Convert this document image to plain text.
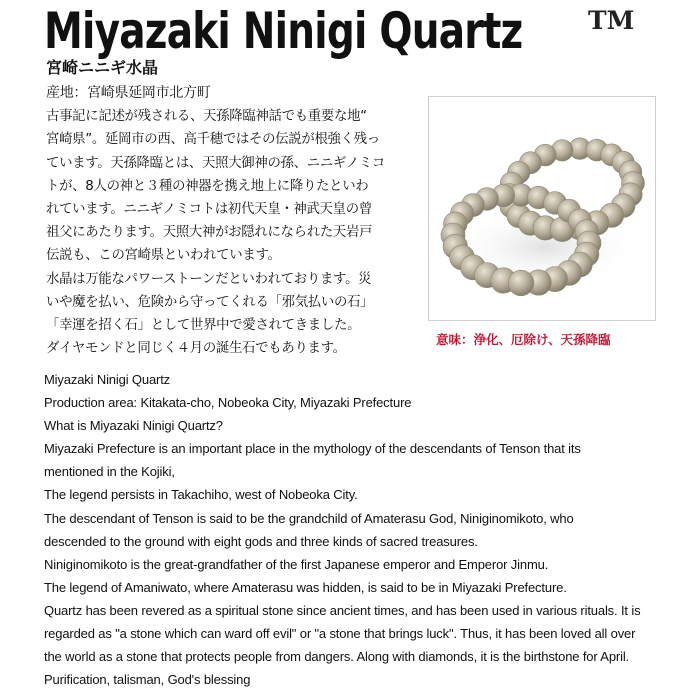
Miyazaki Ninigi Quartz	TM
宮崎ニニギ水晶
産地：宮崎県延岡市北方町
古事記に記述が残される、天孫降臨神話でも重要な地“
宮崎県”。延岡市の西、高千穂ではその伝説が根強く残っ
ています。天孫降臨とは、天照大御神の孫、ニニギノミコ
トが、8人の神と３種の神器を携え地上に降りたといわ
れています。ニニギノミコトは初代天皇・神武天皇の曾
祖父にあたります。天照大神がお隠れになられた天岩戸
伝説も、この宮崎県といわれています。
水晶は万能なパワーストーンだといわれております。災
いや魔を払い、危険から守ってくれる「邪気払いの石」
「幸運を招く石」として世界中で愛されてきました。
ダイヤモンドと同じく４月の誕生石でもあります。
意味：浄化、厄除け、天孫降臨
Miyazaki Ninigi Quartz
Production area: Kitakata-cho, Nobeoka City, Miyazaki Prefecture
What is Miyazaki Ninigi Quartz?
Miyazaki Prefecture is an important place in the mythology of the descendants of Tenson that its
mentioned in the Kojiki,
The legend persists in Takachiho, west of Nobeoka City.
The descendant of Tenson is said to be the grandchild of Amaterasu God, Niniginomikoto, who
descended to the ground with eight gods and three kinds of sacred treasures.
Niniginomikoto is the great-grandfather of the first Japanese emperor and Emperor Jinmu.
The legend of Amaniwato, where Amaterasu was hidden, is said to be in Miyazaki Prefecture.
Quartz has been revered as a spiritual stone since ancient times, and has been used in various rituals. It is
regarded as "a stone which can ward off evil" or "a stone that brings luck". Thus, it has been loved all over
the world as a stone that protects people from dangers. Along with diamonds, it is the birthstone for April.
Purification, talisman, God's blessing
